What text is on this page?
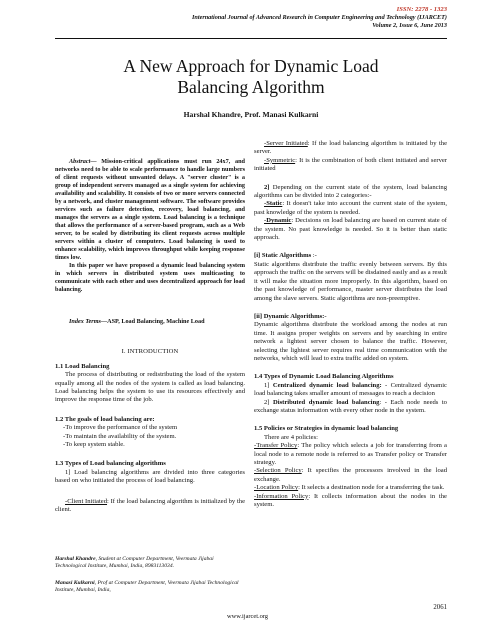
ISSN: 2278 - 1323
International Journal of Advanced Research in Computer Engineering and Technology (IJARCET)
Volume 2, Issue 6, June 2013
A New Approach for Dynamic Load
Balancing Algorithm
Harshal Khandre, Prof. Manasi Kulkarni

Abstract— Mission-critical applications must run 24x7, and networks need to be able to scale performance to handle large numbers of client requests without unwanted delays. A "server cluster" is a group of independent servers managed as a single system for achieving availability and scalability. It consists of two or more servers connected by a network, and cluster management software. The software provides services such as failure detection, recovery, load balancing, and manages the servers as a single system. Load balancing is a technique that allows the performance of a server-based program, such as a Web server, to be scaled by distributing its client requests across multiple servers within a cluster of computers. Load balancing is used to enhance scalability, which improves throughput while keeping response times low.

In this paper we have proposed a dynamic load balancing system in which servers in distributed system uses multicasting to communicate with each other and uses decentralized approach for load balancing.

Index Terms—ASP, Load Balancing, Machine Load
I. INTRODUCTION
1.1 Load Balancing
The process of distributing or redistributing the load of the system equally among all the nodes of the system is called as load balancing. Load balancing helps the system to use its resources effectively and improve the response time of the job.
1.2 The goals of load balancing are:
-To improve the performance of the system
-To maintain the availability of the system.
-To keep system stable.
1.3 Types of Load balancing algorithms
1] Load balancing algorithms are divided into three categories based on who initiated the process of load balancing.
-Client Initiated: If the load balancing algorithm is initialized by the client.
Harshal Khandre, Student at Computer Department, Veermata Jijabai Technological Institute, Mumbai, India, 8983113034.
Manasi Kulkarni, Prof at Computer Department, Veermata Jijabai Technological Institute, Mumbai, India,
-Server Initiated: If the load balancing algorithm is initiated by the server.
-Symmetric: It is the combination of both client initiated and server initiated
2] Depending on the current state of the system, load balancing algorithms can be divided into 2 categories:-
-Static: It doesn't take into account the current state of the system, past knowledge of the system is needed.
-Dynamic: Decisions on load balancing are based on current state of the system. No past knowledge is needed. So it is better than static approach.
[i] Static Algorithms :-
Static algorithms distribute the traffic evenly between servers. By this approach the traffic on the servers will be disdained easily and as a result it will make the situation more improperly. In this algorithm, based on the past knowledge of performance, master server distributes the load among the slave servers. Static algorithms are non-preemptive.
[ii] Dynamic Algorithms:-
Dynamic algorithms distribute the workload among the nodes at run time. It assigns proper weights on servers and by searching in entire network a lightest server chosen to balance the traffic. However, selecting the lightest server requires real time communication with the networks, which will lead to extra traffic added on system.
1.4 Types of Dynamic Load Balancing Algorithms
1] Centralized dynamic load balancing: - Centralized dynamic load balancing takes smaller amount of messages to reach a decision
2] Distributed dynamic load balancing: - Each node needs to exchange status information with every other node in the system.
1.5 Policies or Strategies in dynamic load balancing
There are 4 policies:
-Transfer Policy: The policy which selects a job for transferring from a local node to a remote node is referred to as Transfer policy or Transfer strategy.
-Selection Policy: It specifies the processors involved in the load exchange.
-Location Policy: It selects a destination node for a transferring the task.
-Information Policy: It collects information about the nodes in the system.
2061
www.ijarcet.org
